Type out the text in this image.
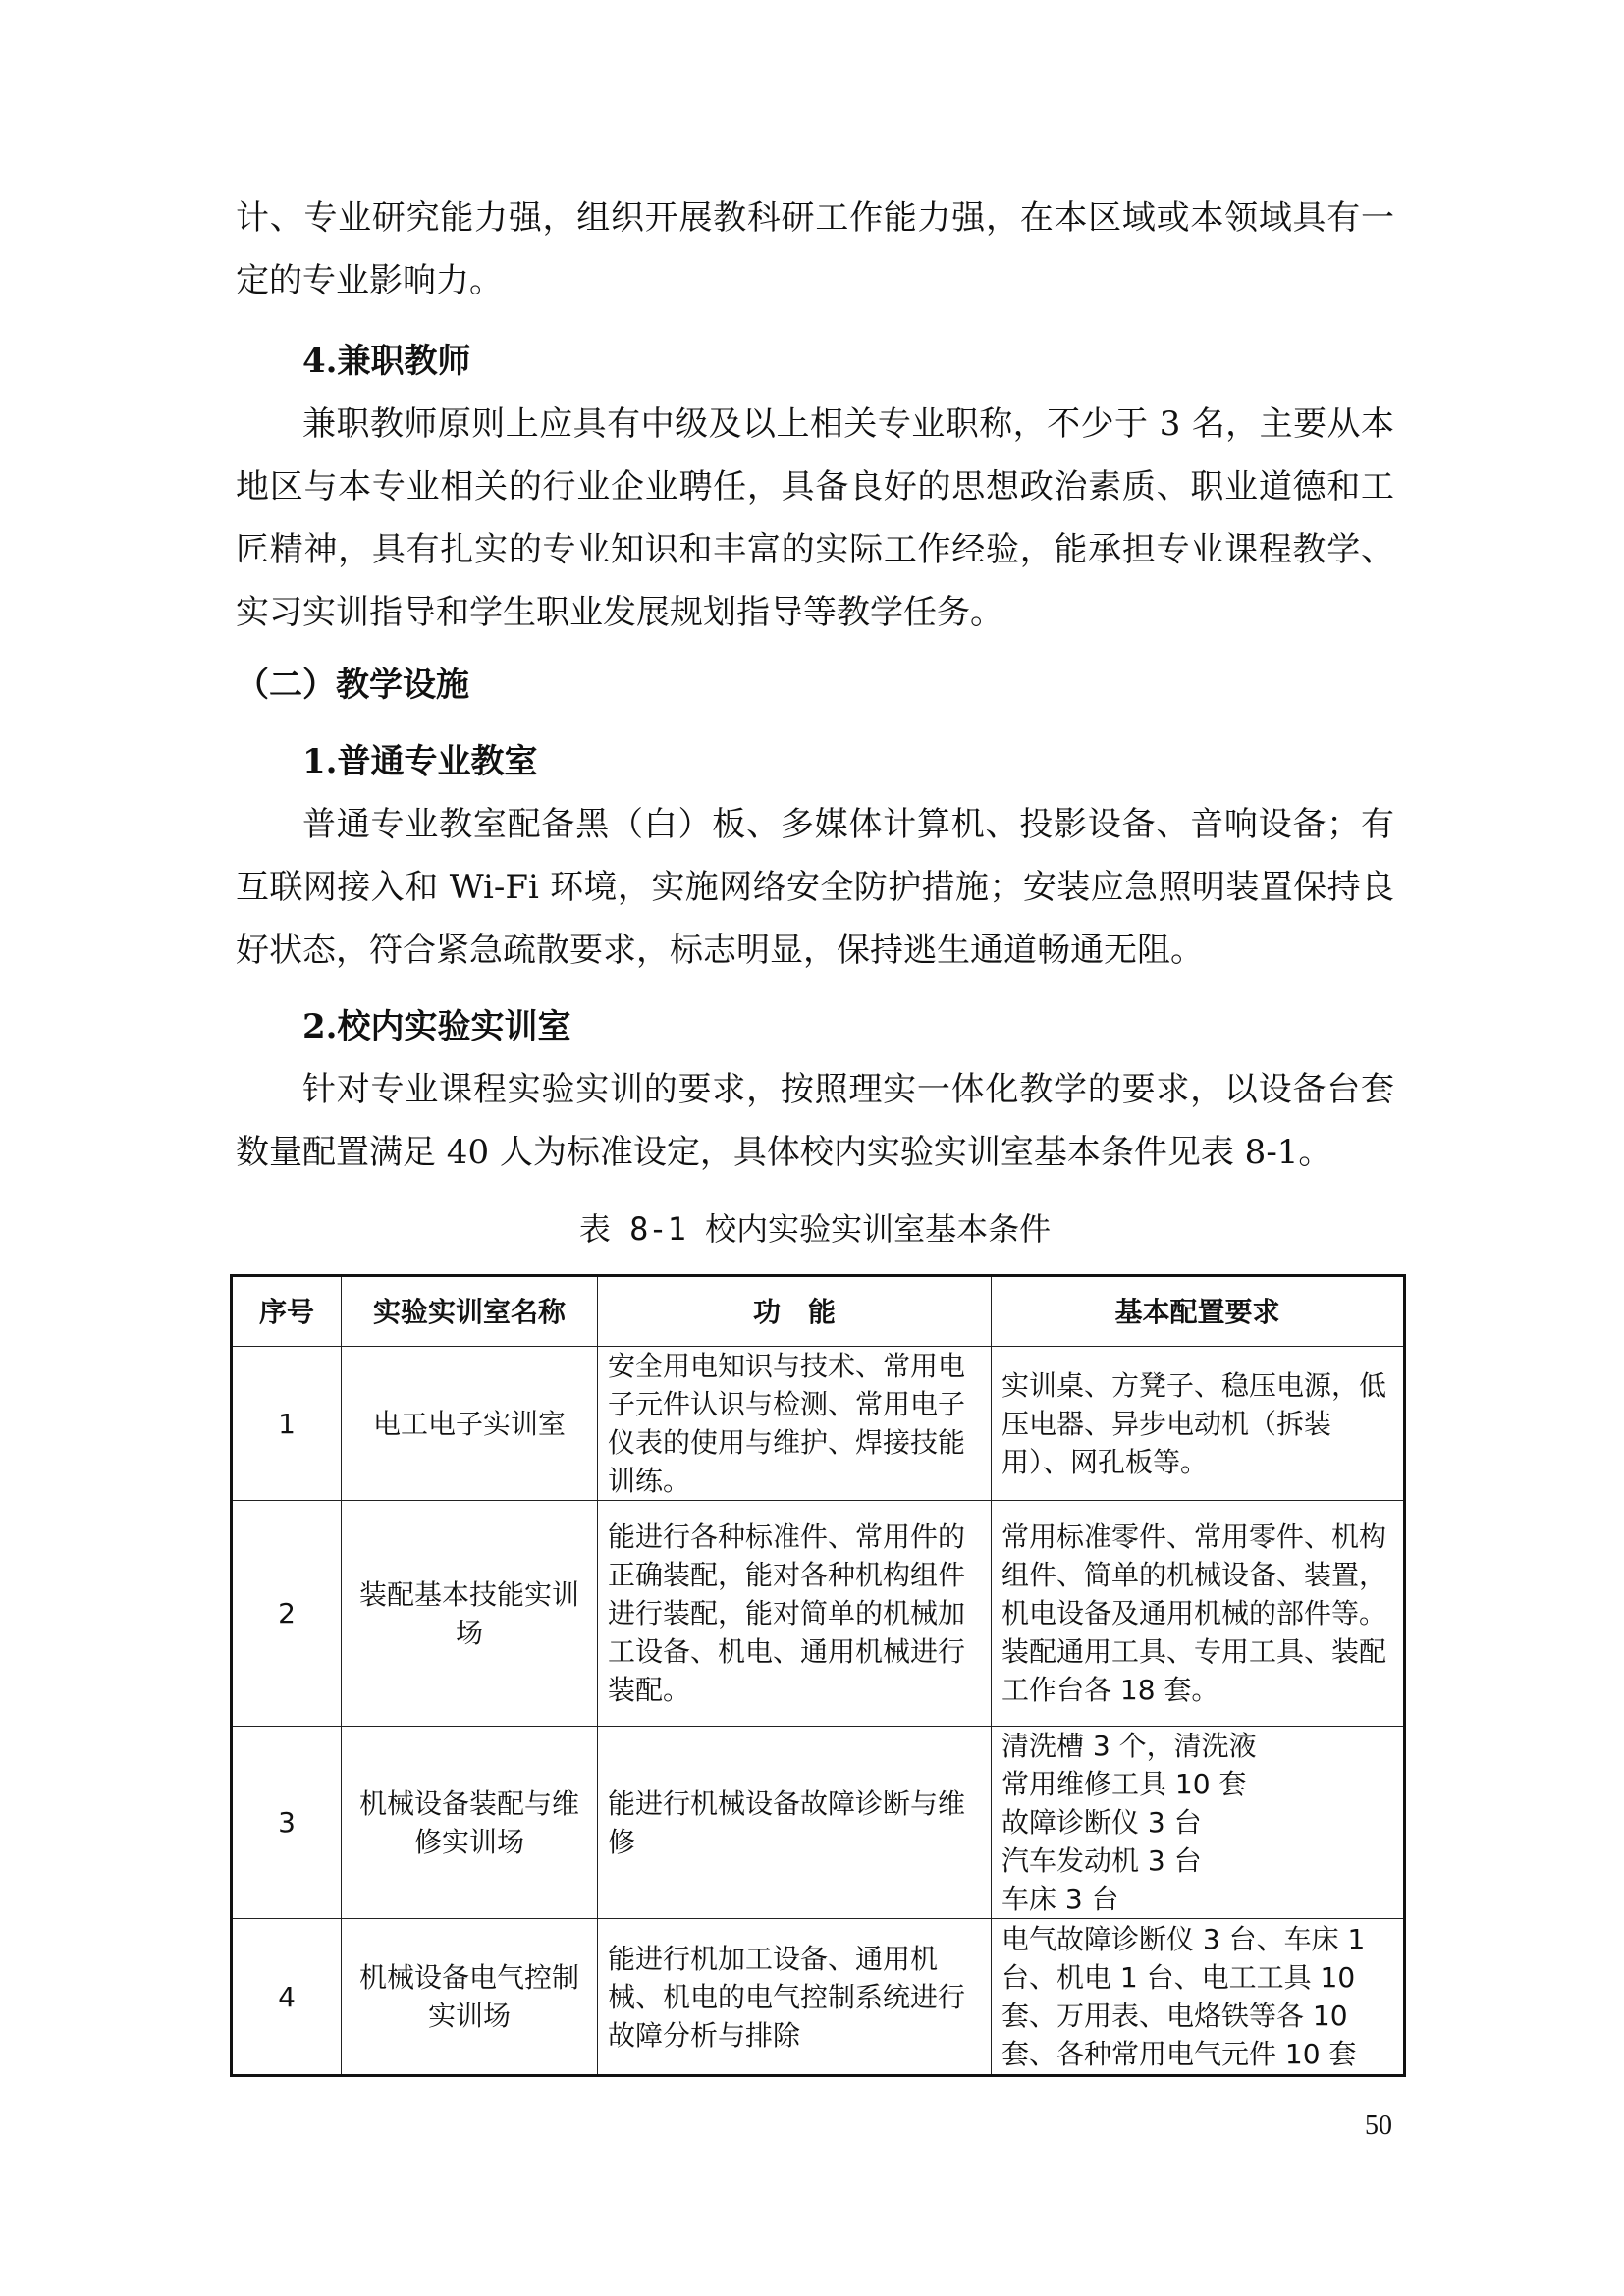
计、专业研究能力强，组织开展教科研工作能力强，在本区域或本领域具有一定的专业影响力。

4.兼职教师

兼职教师原则上应具有中级及以上相关专业职称，不少于 3 名，主要从本地区与本专业相关的行业企业聘任，具备良好的思想政治素质、职业道德和工匠精神，具有扎实的专业知识和丰富的实际工作经验，能承担专业课程教学、实习实训指导和学生职业发展规划指导等教学任务。

（二）教学设施

1.普通专业教室

普通专业教室配备黑（白）板、多媒体计算机、投影设备、音响设备；有互联网接入和 Wi-Fi 环境，实施网络安全防护措施；安装应急照明装置保持良好状态，符合紧急疏散要求，标志明显，保持逃生通道畅通无阻。

2.校内实验实训室

针对专业课程实验实训的要求，按照理实一体化教学的要求，以设备台套数量配置满足 40 人为标准设定，具体校内实验实训室基本条件见表 8-1。

表 8-1 校内实验实训室基本条件
序号	实验实训室名称	功　能	基本配置要求
1	电工电子实训室	安全用电知识与技术、常用电子元件认识与检测、常用电子仪表的使用与维护、焊接技能训练。	实训桌、方凳子、稳压电源，低压电器、异步电动机（拆装用）、网孔板等。

2	装配基本技能实训场	能进行各种标准件、常用件的正确装配，能对各种机构组件进行装配，能对简单的机械加工设备、机电、通用机械进行装配。	常用标准零件、常用零件、机构组件、简单的机械设备、装置，机电设备及通用机械的部件等。
装配通用工具、专用工具、装配工作台各 18 套。

3	机械设备装配与维修实训场	能进行机械设备故障诊断与维修	清洗槽 3 个，清洗液
常用维修工具 10 套
故障诊断仪 3 台
汽车发动机 3 台
车床 3 台

4	机械设备电气控制实训场	能进行机加工设备、通用机械、机电的电气控制系统进行故障分析与排除	电气故障诊断仪 3 台、车床 1 台、机电 1 台、电工工具 10 套、万用表、电烙铁等各 10 套、各种常用电气元件 10 套
50
